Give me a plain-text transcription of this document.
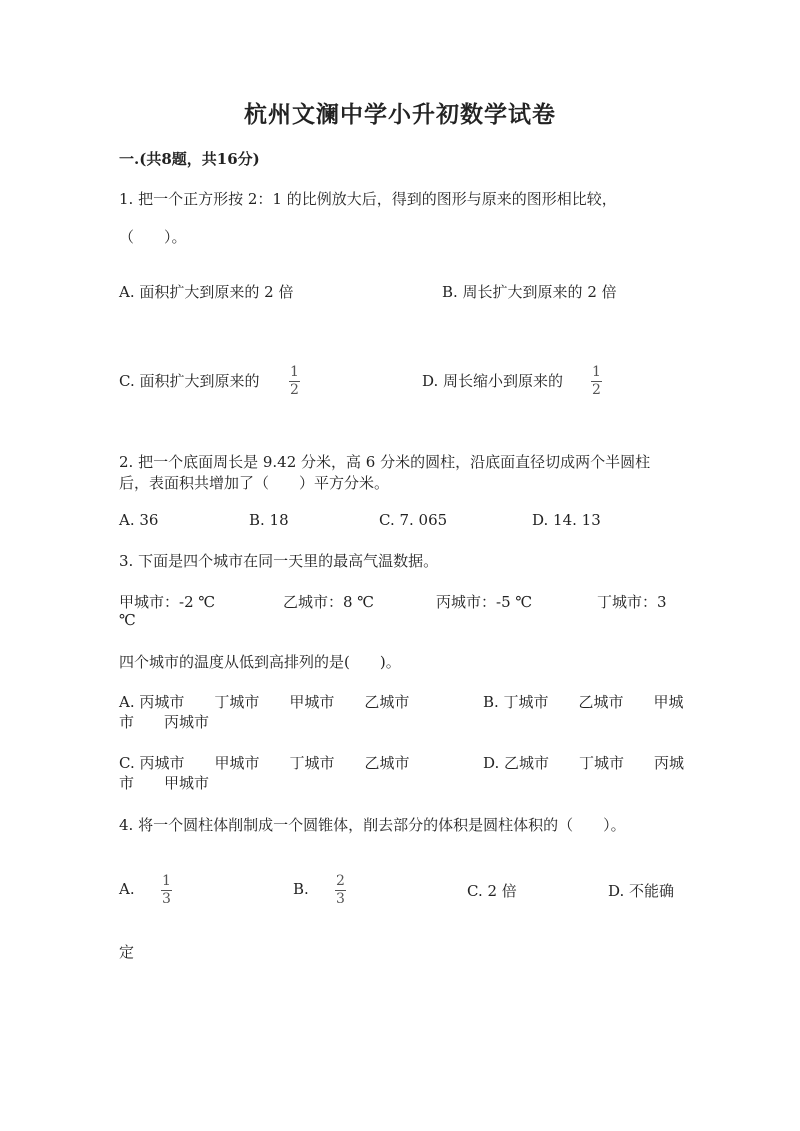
杭州文澜中学小升初数学试卷
一.(共8题，共16分)
1. 把一个正方形按 2：1 的比例放大后，得到的图形与原来的图形相比较，
（　　）。
A. 面积扩大到原来的 2 倍	B. 周长扩大到原来的 2 倍
C. 面积扩大到原来的 1
2	D. 周长缩小到原来的 1
2
2. 把一个底面周长是 9.42 分米，高 6 分米的圆柱，沿底面直径切成两个半圆柱
后，表面积共增加了（　　）平方分米。
A. 36	B. 18	C. 7. 065	D. 14. 13
3. 下面是四个城市在同一天里的最高气温数据。
甲城市：-2 ℃	乙城市：8 ℃	丙城市：-5 ℃	丁城市：3
℃
四个城市的温度从低到高排列的是(　　)。
A. 丙城市　　丁城市　　甲城市　　乙城市	B. 丁城市　　乙城市　　甲城
市　　丙城市
C. 丙城市　　甲城市　　丁城市　　乙城市	D. 乙城市　　丁城市　　丙城
市　　甲城市
4. 将一个圆柱体削制成一个圆锥体，削去部分的体积是圆柱体积的（　　）。
A. 1
3
B. 2
3	C. 2 倍	D. 不能确
定
